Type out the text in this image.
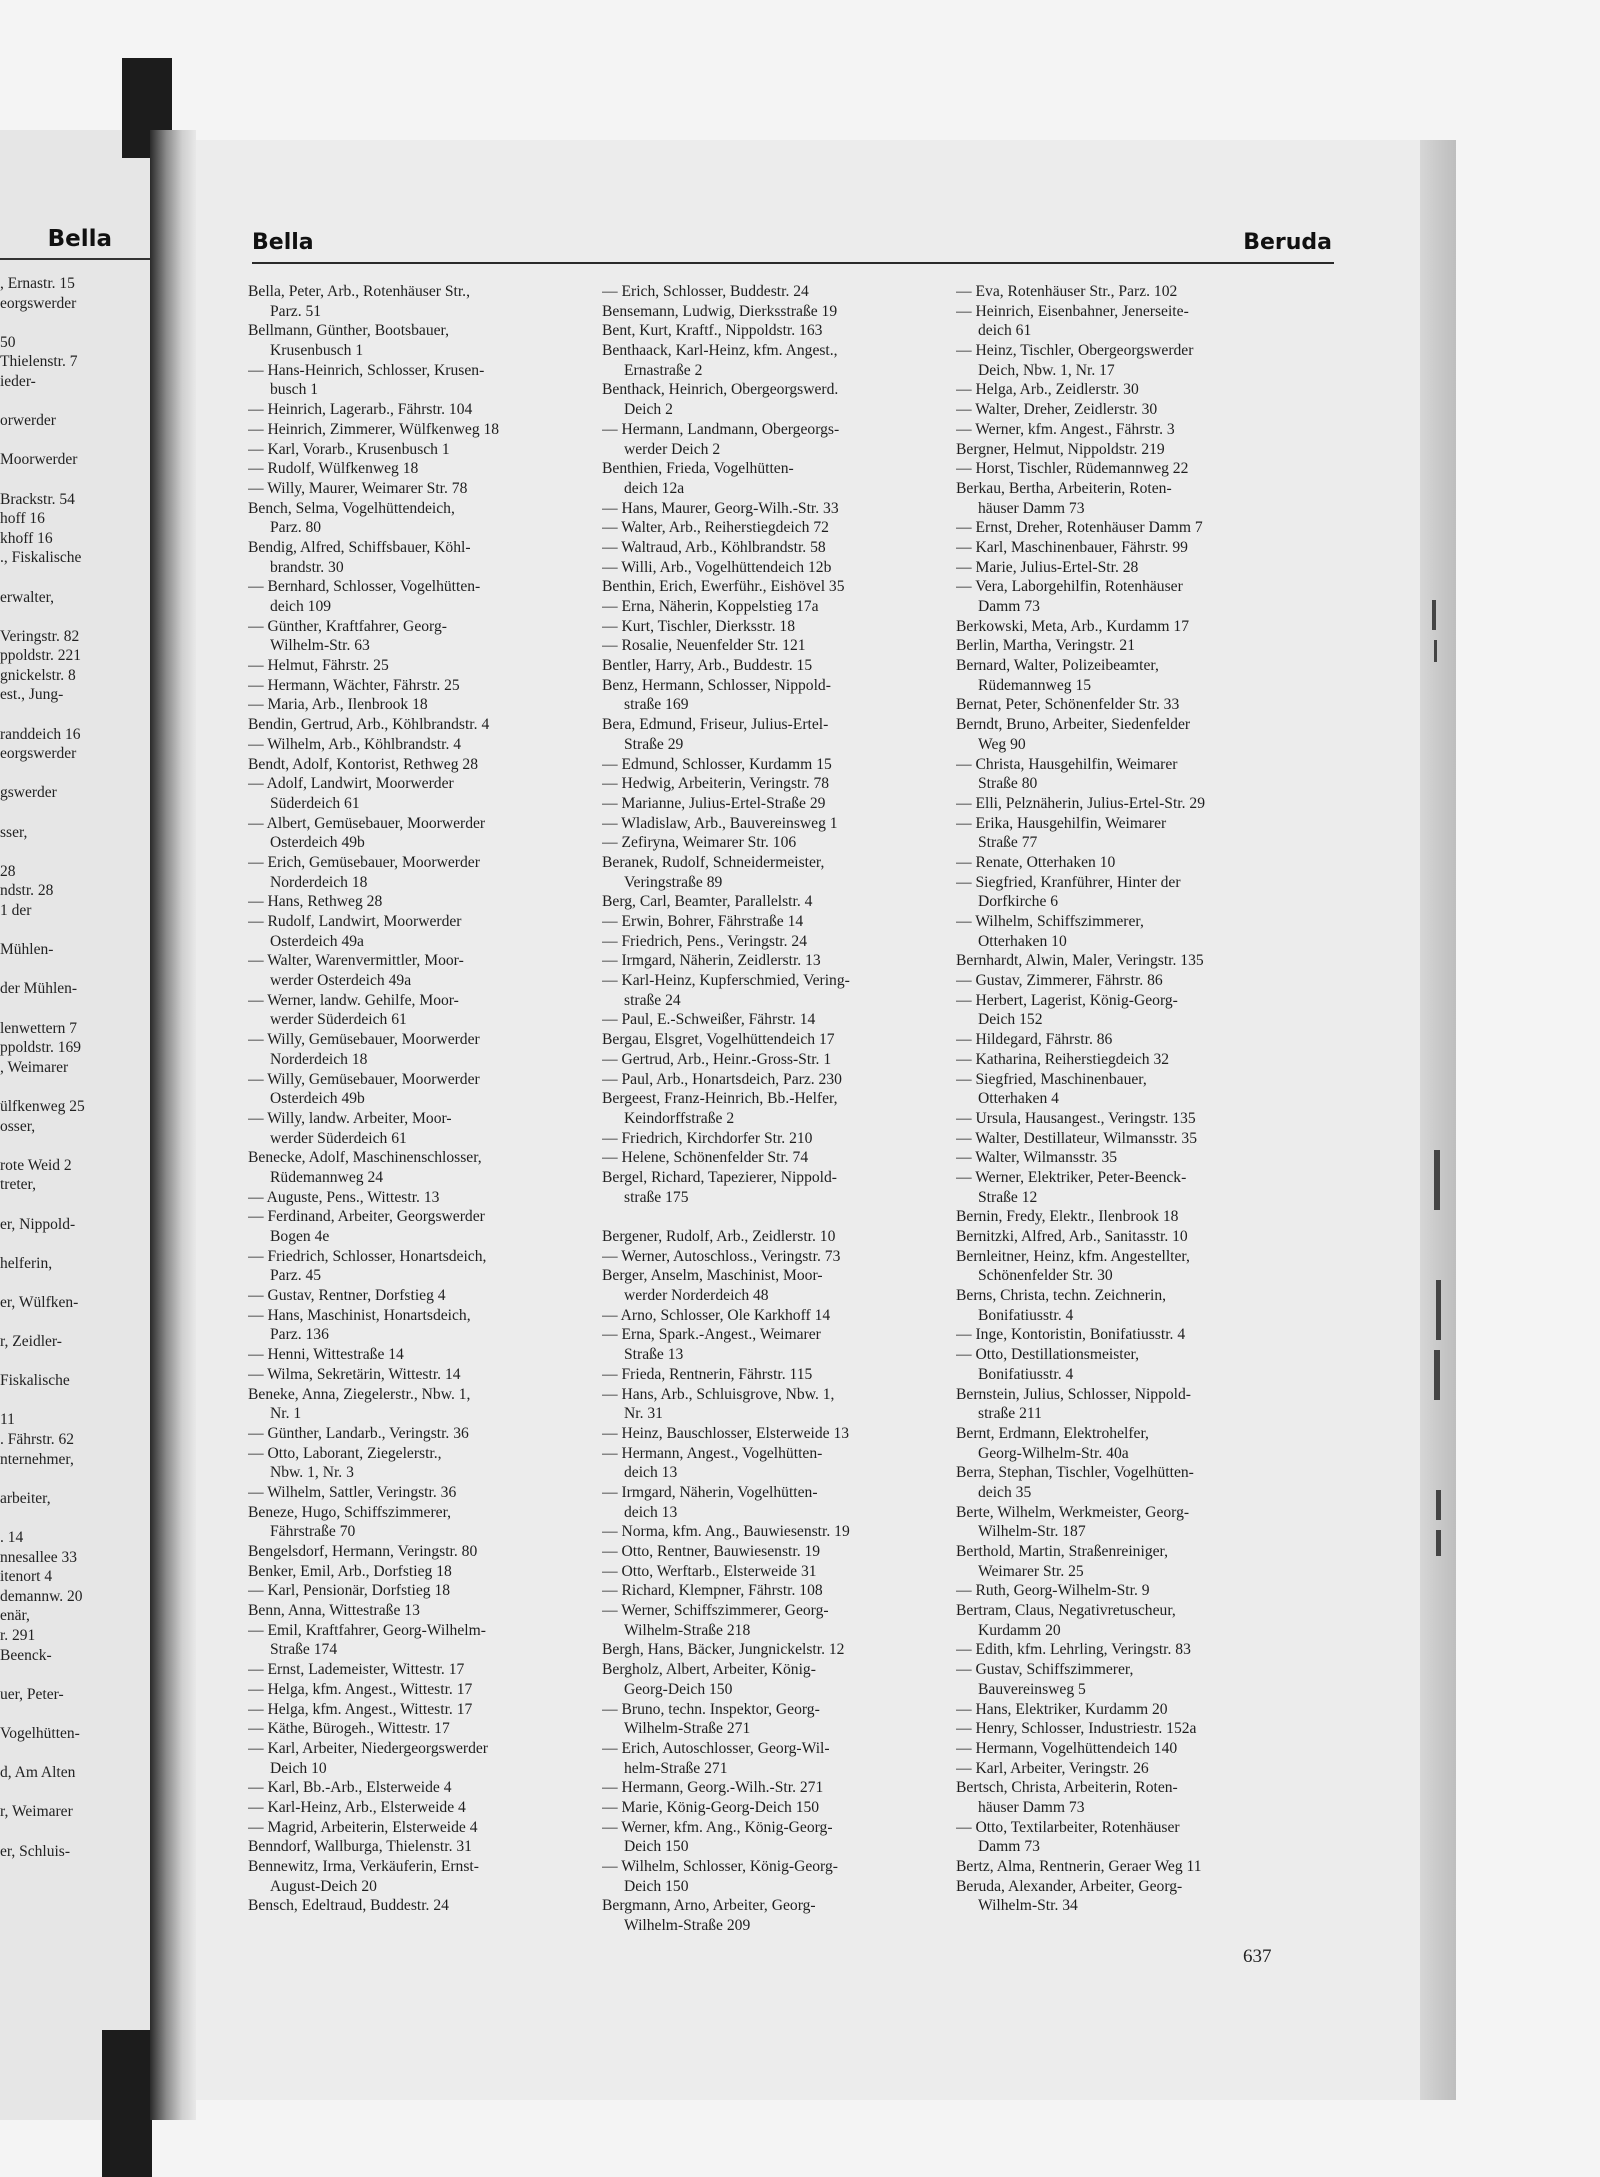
Bella
, Ernastr. 15
eorgswerder
50
Thielenstr. 7
ieder-
orwerder
Moorwerder
Brackstr. 54
hoff 16
khoff 16
., Fiskalische
erwalter,
Veringstr. 82
ppoldstr. 221
gnickelstr. 8
est., Jung-
randdeich 16
eorgswerder
gswerder
sser,
28
ndstr. 28
1 der
Mühlen-
der Mühlen-
lenwettern 7
ppoldstr. 169
, Weimarer
ülfkenweg 25
osser,
rote Weid 2
treter,
er, Nippold-
helferin,
er, Wülfken-
r, Zeidler-
Fiskalische
11
. Fährstr. 62
nternehmer,
arbeiter,
. 14
nnesallee 33
itenort 4
demannw. 20
enär,
r. 291
Beenck-
uer, Peter-
Vogelhütten-
d, Am Alten
r, Weimarer
er, Schluis-
Bella	Beruda
Bella, Peter, Arb., Rotenhäuser Str.,
Parz. 51
Bellmann, Günther, Bootsbauer,
Krusenbusch 1
— Hans-Heinrich, Schlosser, Krusen-
busch 1
— Heinrich, Lagerarb., Fährstr. 104
— Heinrich, Zimmerer, Wülfkenweg 18
— Karl, Vorarb., Krusenbusch 1
— Rudolf, Wülfkenweg 18
— Willy, Maurer, Weimarer Str. 78
Bench, Selma, Vogelhüttendeich,
Parz. 80
Bendig, Alfred, Schiffsbauer, Köhl-
brandstr. 30
— Bernhard, Schlosser, Vogelhütten-
deich 109
— Günther, Kraftfahrer, Georg-
Wilhelm-Str. 63
— Helmut, Fährstr. 25
— Hermann, Wächter, Fährstr. 25
— Maria, Arb., Ilenbrook 18
Bendin, Gertrud, Arb., Köhlbrandstr. 4
— Wilhelm, Arb., Köhlbrandstr. 4
Bendt, Adolf, Kontorist, Rethweg 28
— Adolf, Landwirt, Moorwerder
Süderdeich 61
— Albert, Gemüsebauer, Moorwerder
Osterdeich 49b
— Erich, Gemüsebauer, Moorwerder
Norderdeich 18
— Hans, Rethweg 28
— Rudolf, Landwirt, Moorwerder
Osterdeich 49a
— Walter, Warenvermittler, Moor-
werder Osterdeich 49a
— Werner, landw. Gehilfe, Moor-
werder Süderdeich 61
— Willy, Gemüsebauer, Moorwerder
Norderdeich 18
— Willy, Gemüsebauer, Moorwerder
Osterdeich 49b
— Willy, landw. Arbeiter, Moor-
werder Süderdeich 61
Benecke, Adolf, Maschinenschlosser,
Rüdemannweg 24
— Auguste, Pens., Wittestr. 13
— Ferdinand, Arbeiter, Georgswerder
Bogen 4e
— Friedrich, Schlosser, Honartsdeich,
Parz. 45
— Gustav, Rentner, Dorfstieg 4
— Hans, Maschinist, Honartsdeich,
Parz. 136
— Henni, Wittestraße 14
— Wilma, Sekretärin, Wittestr. 14
Beneke, Anna, Ziegelerstr., Nbw. 1,
Nr. 1
— Günther, Landarb., Veringstr. 36
— Otto, Laborant, Ziegelerstr.,
Nbw. 1, Nr. 3
— Wilhelm, Sattler, Veringstr. 36
Beneze, Hugo, Schiffszimmerer,
Fährstraße 70
Bengelsdorf, Hermann, Veringstr. 80
Benker, Emil, Arb., Dorfstieg 18
— Karl, Pensionär, Dorfstieg 18
Benn, Anna, Wittestraße 13
— Emil, Kraftfahrer, Georg-Wilhelm-
Straße 174
— Ernst, Lademeister, Wittestr. 17
— Helga, kfm. Angest., Wittestr. 17
— Helga, kfm. Angest., Wittestr. 17
— Käthe, Bürogeh., Wittestr. 17
— Karl, Arbeiter, Niedergeorgswerder
Deich 10
— Karl, Bb.-Arb., Elsterweide 4
— Karl-Heinz, Arb., Elsterweide 4
— Magrid, Arbeiterin, Elsterweide 4
Benndorf, Wallburga, Thielenstr. 31
Bennewitz, Irma, Verkäuferin, Ernst-
August-Deich 20
Bensch, Edeltraud, Buddestr. 24
— Erich, Schlosser, Buddestr. 24
Bensemann, Ludwig, Dierksstraße 19
Bent, Kurt, Kraftf., Nippoldstr. 163
Benthaack, Karl-Heinz, kfm. Angest.,
Ernastraße 2
Benthack, Heinrich, Obergeorgswerd.
Deich 2
— Hermann, Landmann, Obergeorgs-
werder Deich 2
Benthien, Frieda, Vogelhütten-
deich 12a
— Hans, Maurer, Georg-Wilh.-Str. 33
— Walter, Arb., Reiherstiegdeich 72
— Waltraud, Arb., Köhlbrandstr. 58
— Willi, Arb., Vogelhüttendeich 12b
Benthin, Erich, Ewerführ., Eishövel 35
— Erna, Näherin, Koppelstieg 17a
— Kurt, Tischler, Dierksstr. 18
— Rosalie, Neuenfelder Str. 121
Bentler, Harry, Arb., Buddestr. 15
Benz, Hermann, Schlosser, Nippold-
straße 169
Bera, Edmund, Friseur, Julius-Ertel-
Straße 29
— Edmund, Schlosser, Kurdamm 15
— Hedwig, Arbeiterin, Veringstr. 78
— Marianne, Julius-Ertel-Straße 29
— Wladislaw, Arb., Bauvereinsweg 1
— Zefiryna, Weimarer Str. 106
Beranek, Rudolf, Schneidermeister,
Veringstraße 89
Berg, Carl, Beamter, Parallelstr. 4
— Erwin, Bohrer, Fährstraße 14
— Friedrich, Pens., Veringstr. 24
— Irmgard, Näherin, Zeidlerstr. 13
— Karl-Heinz, Kupferschmied, Vering-
straße 24
— Paul, E.-Schweißer, Fährstr. 14
Bergau, Elsgret, Vogelhüttendeich 17
— Gertrud, Arb., Heinr.-Gross-Str. 1
— Paul, Arb., Honartsdeich, Parz. 230
Bergeest, Franz-Heinrich, Bb.-Helfer,
Keindorffstraße 2
— Friedrich, Kirchdorfer Str. 210
— Helene, Schönenfelder Str. 74
Bergel, Richard, Tapezierer, Nippold-
straße 175
Bergener, Rudolf, Arb., Zeidlerstr. 10
— Werner, Autoschloss., Veringstr. 73
Berger, Anselm, Maschinist, Moor-
werder Norderdeich 48
— Arno, Schlosser, Ole Karkhoff 14
— Erna, Spark.-Angest., Weimarer
Straße 13
— Frieda, Rentnerin, Fährstr. 115
— Hans, Arb., Schluisgrove, Nbw. 1,
Nr. 31
— Heinz, Bauschlosser, Elsterweide 13
— Hermann, Angest., Vogelhütten-
deich 13
— Irmgard, Näherin, Vogelhütten-
deich 13
— Norma, kfm. Ang., Bauwiesenstr. 19
— Otto, Rentner, Bauwiesenstr. 19
— Otto, Werftarb., Elsterweide 31
— Richard, Klempner, Fährstr. 108
— Werner, Schiffszimmerer, Georg-
Wilhelm-Straße 218
Bergh, Hans, Bäcker, Jungnickelstr. 12
Bergholz, Albert, Arbeiter, König-
Georg-Deich 150
— Bruno, techn. Inspektor, Georg-
Wilhelm-Straße 271
— Erich, Autoschlosser, Georg-Wil-
helm-Straße 271
— Hermann, Georg.-Wilh.-Str. 271
— Marie, König-Georg-Deich 150
— Werner, kfm. Ang., König-Georg-
Deich 150
— Wilhelm, Schlosser, König-Georg-
Deich 150
Bergmann, Arno, Arbeiter, Georg-
Wilhelm-Straße 209
— Eva, Rotenhäuser Str., Parz. 102
— Heinrich, Eisenbahner, Jenerseite-
deich 61
— Heinz, Tischler, Obergeorgswerder
Deich, Nbw. 1, Nr. 17
— Helga, Arb., Zeidlerstr. 30
— Walter, Dreher, Zeidlerstr. 30
— Werner, kfm. Angest., Fährstr. 3
Bergner, Helmut, Nippoldstr. 219
— Horst, Tischler, Rüdemannweg 22
Berkau, Bertha, Arbeiterin, Roten-
häuser Damm 73
— Ernst, Dreher, Rotenhäuser Damm 7
— Karl, Maschinenbauer, Fährstr. 99
— Marie, Julius-Ertel-Str. 28
— Vera, Laborgehilfin, Rotenhäuser
Damm 73
Berkowski, Meta, Arb., Kurdamm 17
Berlin, Martha, Veringstr. 21
Bernard, Walter, Polizeibeamter,
Rüdemannweg 15
Bernat, Peter, Schönenfelder Str. 33
Berndt, Bruno, Arbeiter, Siedenfelder
Weg 90
— Christa, Hausgehilfin, Weimarer
Straße 80
— Elli, Pelznäherin, Julius-Ertel-Str. 29
— Erika, Hausgehilfin, Weimarer
Straße 77
— Renate, Otterhaken 10
— Siegfried, Kranführer, Hinter der
Dorfkirche 6
— Wilhelm, Schiffszimmerer,
Otterhaken 10
Bernhardt, Alwin, Maler, Veringstr. 135
— Gustav, Zimmerer, Fährstr. 86
— Herbert, Lagerist, König-Georg-
Deich 152
— Hildegard, Fährstr. 86
— Katharina, Reiherstiegdeich 32
— Siegfried, Maschinenbauer,
Otterhaken 4
— Ursula, Hausangest., Veringstr. 135
— Walter, Destillateur, Wilmansstr. 35
— Walter, Wilmansstr. 35
— Werner, Elektriker, Peter-Beenck-
Straße 12
Bernin, Fredy, Elektr., Ilenbrook 18
Bernitzki, Alfred, Arb., Sanitasstr. 10
Bernleitner, Heinz, kfm. Angestellter,
Schönenfelder Str. 30
Berns, Christa, techn. Zeichnerin,
Bonifatiusstr. 4
— Inge, Kontoristin, Bonifatiusstr. 4
— Otto, Destillationsmeister,
Bonifatiusstr. 4
Bernstein, Julius, Schlosser, Nippold-
straße 211
Bernt, Erdmann, Elektrohelfer,
Georg-Wilhelm-Str. 40a
Berra, Stephan, Tischler, Vogelhütten-
deich 35
Berte, Wilhelm, Werkmeister, Georg-
Wilhelm-Str. 187
Berthold, Martin, Straßenreiniger,
Weimarer Str. 25
— Ruth, Georg-Wilhelm-Str. 9
Bertram, Claus, Negativretuscheur,
Kurdamm 20
— Edith, kfm. Lehrling, Veringstr. 83
— Gustav, Schiffszimmerer,
Bauvereinsweg 5
— Hans, Elektriker, Kurdamm 20
— Henry, Schlosser, Industriestr. 152a
— Hermann, Vogelhüttendeich 140
— Karl, Arbeiter, Veringstr. 26
Bertsch, Christa, Arbeiterin, Roten-
häuser Damm 73
— Otto, Textilarbeiter, Rotenhäuser
Damm 73
Bertz, Alma, Rentnerin, Geraer Weg 11
Beruda, Alexander, Arbeiter, Georg-
Wilhelm-Str. 34
637
